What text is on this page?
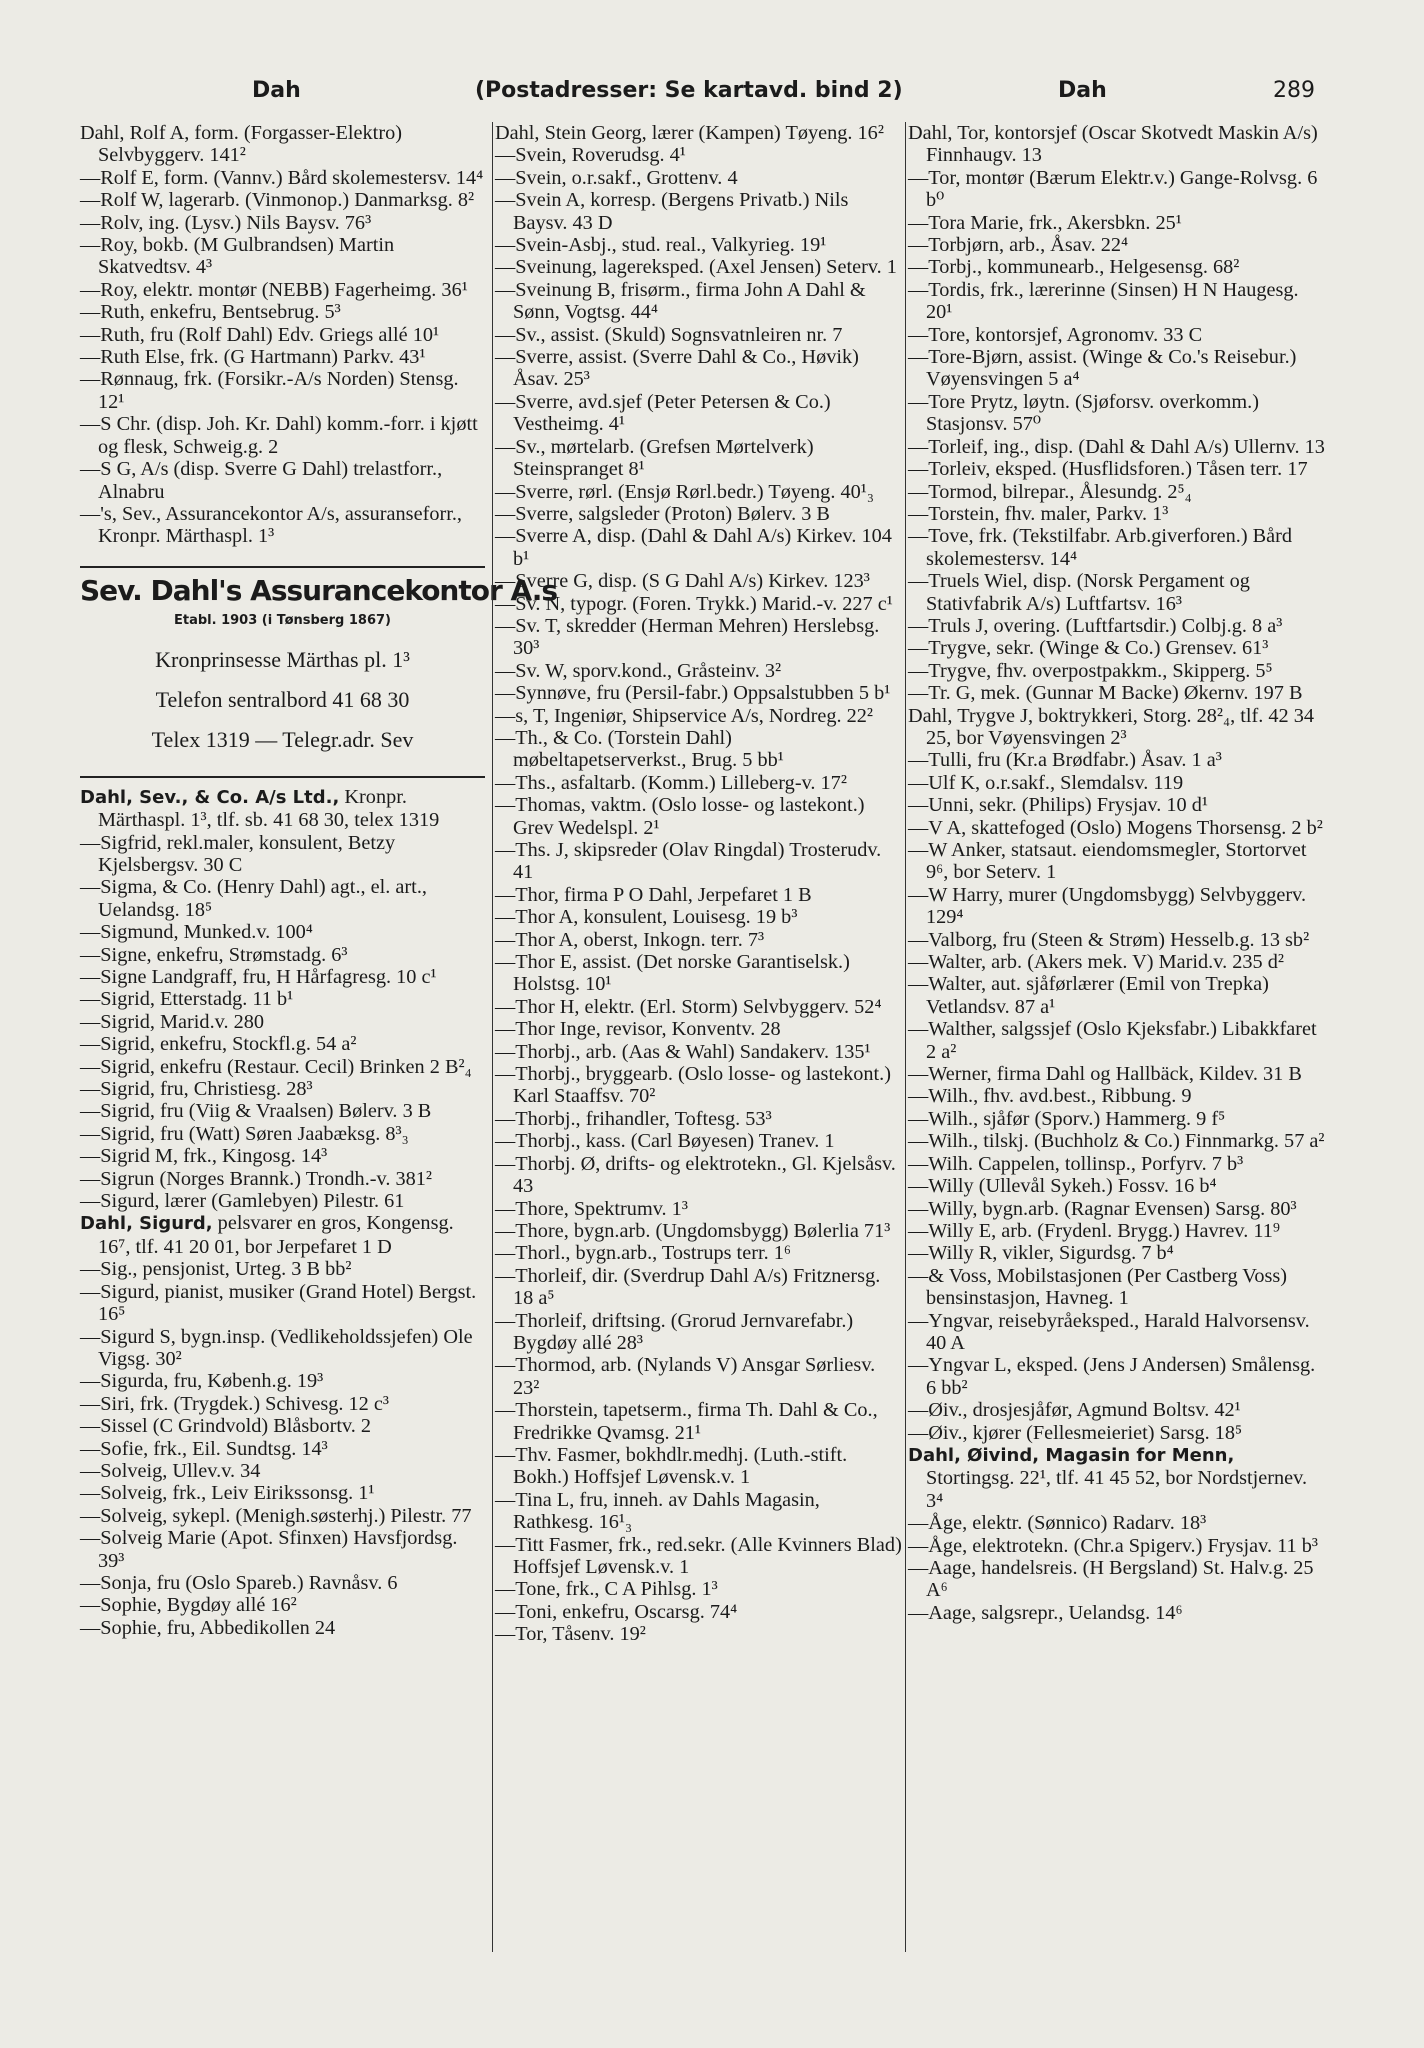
Dah	(Postadresser: Se kartavd. bind 2)	Dah	289
Dahl, Rolf A, form. (Forgasser-Elektro) Selvbyggerv. 141²
—Rolf E, form. (Vannv.) Bård skolemestersv. 14⁴
—Rolf W, lagerarb. (Vinmonop.) Danmarksg. 8²
—Rolv, ing. (Lysv.) Nils Baysv. 76³
—Roy, bokb. (M Gulbrandsen) Martin Skatvedtsv. 4³
—Roy, elektr. montør (NEBB) Fagerheimg. 36¹
—Ruth, enkefru, Bentsebrug. 5³
—Ruth, fru (Rolf Dahl) Edv. Griegs allé 10¹
—Ruth Else, frk. (G Hartmann) Parkv. 43¹
—Rønnaug, frk. (Forsikr.-A/s Norden) Stensg. 12¹
—S Chr. (disp. Joh. Kr. Dahl) komm.-forr. i kjøtt og flesk, Schweig.g. 2
—S G, A/s (disp. Sverre G Dahl) trelastforr., Alnabru
—'s, Sev., Assurancekontor A/s, assuranseforr., Kronpr. Märthaspl. 1³
Sev. Dahl's Assurancekontor A.s
Etabl. 1903 (i Tønsberg 1867)
Kronprinsesse Märthas pl. 1³
Telefon sentralbord 41 68 30
Telex 1319 — Telegr.adr. Sev
Dahl, Sev., & Co. A/s Ltd., Kronpr. Märthaspl. 1³, tlf. sb. 41 68 30, telex 1319
—Sigfrid, rekl.maler, konsulent, Betzy Kjelsbergsv. 30 C
—Sigma, & Co. (Henry Dahl) agt., el. art., Uelandsg. 18⁵
—Sigmund, Munked.v. 100⁴
—Signe, enkefru, Strømstadg. 6³
—Signe Landgraff, fru, H Hårfagresg. 10 c¹
—Sigrid, Etterstadg. 11 b¹
—Sigrid, Marid.v. 280
—Sigrid, enkefru, Stockfl.g. 54 a²
—Sigrid, enkefru (Restaur. Cecil) Brinken 2 B²₄
—Sigrid, fru, Christiesg. 28³
—Sigrid, fru (Viig & Vraalsen) Bølerv. 3 B
—Sigrid, fru (Watt) Søren Jaabæksg. 8³₃
—Sigrid M, frk., Kingosg. 14³
—Sigrun (Norges Brannk.) Trondh.-v. 381²
—Sigurd, lærer (Gamlebyen) Pilestr. 61
Dahl, Sigurd, pelsvarer en gros, Kongensg. 16⁷, tlf. 41 20 01, bor Jerpefaret 1 D
—Sig., pensjonist, Urteg. 3 B bb²
—Sigurd, pianist, musiker (Grand Hotel) Bergst. 16⁵
—Sigurd S, bygn.insp. (Vedlikeholdssjefen) Ole Vigsg. 30²
—Sigurda, fru, Københ.g. 19³
—Siri, frk. (Trygdek.) Schivesg. 12 c³
—Sissel (C Grindvold) Blåsbortv. 2
—Sofie, frk., Eil. Sundtsg. 14³
—Solveig, Ullev.v. 34
—Solveig, frk., Leiv Eirikssonsg. 1¹
—Solveig, sykepl. (Menigh.søsterhj.) Pilestr. 77
—Solveig Marie (Apot. Sfinxen) Havsfjordsg. 39³
—Sonja, fru (Oslo Spareb.) Ravnåsv. 6
—Sophie, Bygdøy allé 16²
—Sophie, fru, Abbedikollen 24
Dahl, Stein Georg, lærer (Kampen) Tøyeng. 16²
—Svein, Roverudsg. 4¹
—Svein, o.r.sakf., Grottenv. 4
—Svein A, korresp. (Bergens Privatb.) Nils Baysv. 43 D
—Svein-Asbj., stud. real., Valkyrieg. 19¹
—Sveinung, lagereksped. (Axel Jensen) Seterv. 1
—Sveinung B, frisørm., firma John A Dahl & Sønn, Vogtsg. 44⁴
—Sv., assist. (Skuld) Sognsvatnleiren nr. 7
—Sverre, assist. (Sverre Dahl & Co., Høvik) Åsav. 25³
—Sverre, avd.sjef (Peter Petersen & Co.) Vestheimg. 4¹
—Sv., mørtelarb. (Grefsen Mørtelverk) Steinspranget 8¹
—Sverre, rørl. (Ensjø Rørl.bedr.) Tøyeng. 40¹₃
—Sverre, salgsleder (Proton) Bølerv. 3 B
—Sverre A, disp. (Dahl & Dahl A/s) Kirkev. 104 b¹
—Sverre G, disp. (S G Dahl A/s) Kirkev. 123³
—Sv. N, typogr. (Foren. Trykk.) Marid.-v. 227 c¹
—Sv. T, skredder (Herman Mehren) Herslebsg. 30³
—Sv. W, sporv.kond., Gråsteinv. 3²
—Synnøve, fru (Persil-fabr.) Oppsalstubben 5 b¹
—s, T, Ingeniør, Shipservice A/s, Nordreg. 22²
—Th., & Co. (Torstein Dahl) møbeltapetserverkst., Brug. 5 bb¹
—Ths., asfaltarb. (Komm.) Lilleberg-v. 17²
—Thomas, vaktm. (Oslo losse- og lastekont.) Grev Wedelspl. 2¹
—Ths. J, skipsreder (Olav Ringdal) Trosterudv. 41
—Thor, firma P O Dahl, Jerpefaret 1 B
—Thor A, konsulent, Louisesg. 19 b³
—Thor A, oberst, Inkogn. terr. 7³
—Thor E, assist. (Det norske Garantiselsk.) Holstsg. 10¹
—Thor H, elektr. (Erl. Storm) Selvbyggerv. 52⁴
—Thor Inge, revisor, Konventv. 28
—Thorbj., arb. (Aas & Wahl) Sandakerv. 135¹
—Thorbj., bryggearb. (Oslo losse- og lastekont.) Karl Staaffsv. 70²
—Thorbj., frihandler, Toftesg. 53³
—Thorbj., kass. (Carl Bøyesen) Tranev. 1
—Thorbj. Ø, drifts- og elektrotekn., Gl. Kjelsåsv. 43
—Thore, Spektrumv. 1³
—Thore, bygn.arb. (Ungdomsbygg) Bølerlia 71³
—Thorl., bygn.arb., Tostrups terr. 1⁶
—Thorleif, dir. (Sverdrup Dahl A/s) Fritznersg. 18 a⁵
—Thorleif, driftsing. (Grorud Jernvarefabr.) Bygdøy allé 28³
—Thormod, arb. (Nylands V) Ansgar Sørliesv. 23²
—Thorstein, tapetserm., firma Th. Dahl & Co., Fredrikke Qvamsg. 21¹
—Thv. Fasmer, bokhdlr.medhj. (Luth.-stift. Bokh.) Hoffsjef Løvensk.v. 1
—Tina L, fru, inneh. av Dahls Magasin, Rathkesg. 16¹₃
—Titt Fasmer, frk., red.sekr. (Alle Kvinners Blad) Hoffsjef Løvensk.v. 1
—Tone, frk., C A Pihlsg. 1³
—Toni, enkefru, Oscarsg. 74⁴
—Tor, Tåsenv. 19²
Dahl, Tor, kontorsjef (Oscar Skotvedt Maskin A/s) Finnhaugv. 13
—Tor, montør (Bærum Elektr.v.) Gange-Rolvsg. 6 b⁰
—Tora Marie, frk., Akersbkn. 25¹
—Torbjørn, arb., Åsav. 22⁴
—Torbj., kommunearb., Helgesensg. 68²
—Tordis, frk., lærerinne (Sinsen) H N Haugesg. 20¹
—Tore, kontorsjef, Agronomv. 33 C
—Tore-Bjørn, assist. (Winge & Co.'s Reisebur.) Vøyensvingen 5 a⁴
—Tore Prytz, løytn. (Sjøforsv. overkomm.) Stasjonsv. 57⁰
—Torleif, ing., disp. (Dahl & Dahl A/s) Ullernv. 13
—Torleiv, eksped. (Husflidsforen.) Tåsen terr. 17
—Tormod, bilrepar., Ålesundg. 2⁵₄
—Torstein, fhv. maler, Parkv. 1³
—Tove, frk. (Tekstilfabr. Arb.giverforen.) Bård skolemestersv. 14⁴
—Truels Wiel, disp. (Norsk Pergament og Stativfabrik A/s) Luftfartsv. 16³
—Truls J, overing. (Luftfartsdir.) Colbj.g. 8 a³
—Trygve, sekr. (Winge & Co.) Grensev. 61³
—Trygve, fhv. overpostpakkm., Skipperg. 5⁵
—Tr. G, mek. (Gunnar M Backe) Økernv. 197 B
Dahl, Trygve J, boktrykkeri, Storg. 28²₄, tlf. 42 34 25, bor Vøyensvingen 2³
—Tulli, fru (Kr.a Brødfabr.) Åsav. 1 a³
—Ulf K, o.r.sakf., Slemdalsv. 119
—Unni, sekr. (Philips) Frysjav. 10 d¹
—V A, skattefoged (Oslo) Mogens Thorsensg. 2 b²
—W Anker, statsaut. eiendomsmegler, Stortorvet 9⁶, bor Seterv. 1
—W Harry, murer (Ungdomsbygg) Selvbyggerv. 129⁴
—Valborg, fru (Steen & Strøm) Hesselb.g. 13 sb²
—Walter, arb. (Akers mek. V) Marid.v. 235 d²
—Walter, aut. sjåførlærer (Emil von Trepka) Vetlandsv. 87 a¹
—Walther, salgssjef (Oslo Kjeksfabr.) Libakkfaret 2 a²
—Werner, firma Dahl og Hallbäck, Kildev. 31 B
—Wilh., fhv. avd.best., Ribbung. 9
—Wilh., sjåfør (Sporv.) Hammerg. 9 f⁵
—Wilh., tilskj. (Buchholz & Co.) Finnmarkg. 57 a²
—Wilh. Cappelen, tollinsp., Porfyrv. 7 b³
—Willy (Ullevål Sykeh.) Fossv. 16 b⁴
—Willy, bygn.arb. (Ragnar Evensen) Sarsg. 80³
—Willy E, arb. (Frydenl. Brygg.) Havrev. 11⁹
—Willy R, vikler, Sigurdsg. 7 b⁴
—& Voss, Mobilstasjonen (Per Castberg Voss) bensinstasjon, Havneg. 1
—Yngvar, reisebyråeksped., Harald Halvorsensv. 40 A
—Yngvar L, eksped. (Jens J Andersen) Smålensg. 6 bb²
—Øiv., drosjesjåfør, Agmund Boltsv. 42¹
—Øiv., kjører (Fellesmeieriet) Sarsg. 18⁵
Dahl, Øivind, Magasin for Menn, Stortingsg. 22¹, tlf. 41 45 52, bor Nordstjernev. 3⁴
—Åge, elektr. (Sønnico) Radarv. 18³
—Åge, elektrotekn. (Chr.a Spigerv.) Frysjav. 11 b³
—Aage, handelsreis. (H Bergsland) St. Halv.g. 25 A⁶
—Aage, salgsrepr., Uelandsg. 14⁶
